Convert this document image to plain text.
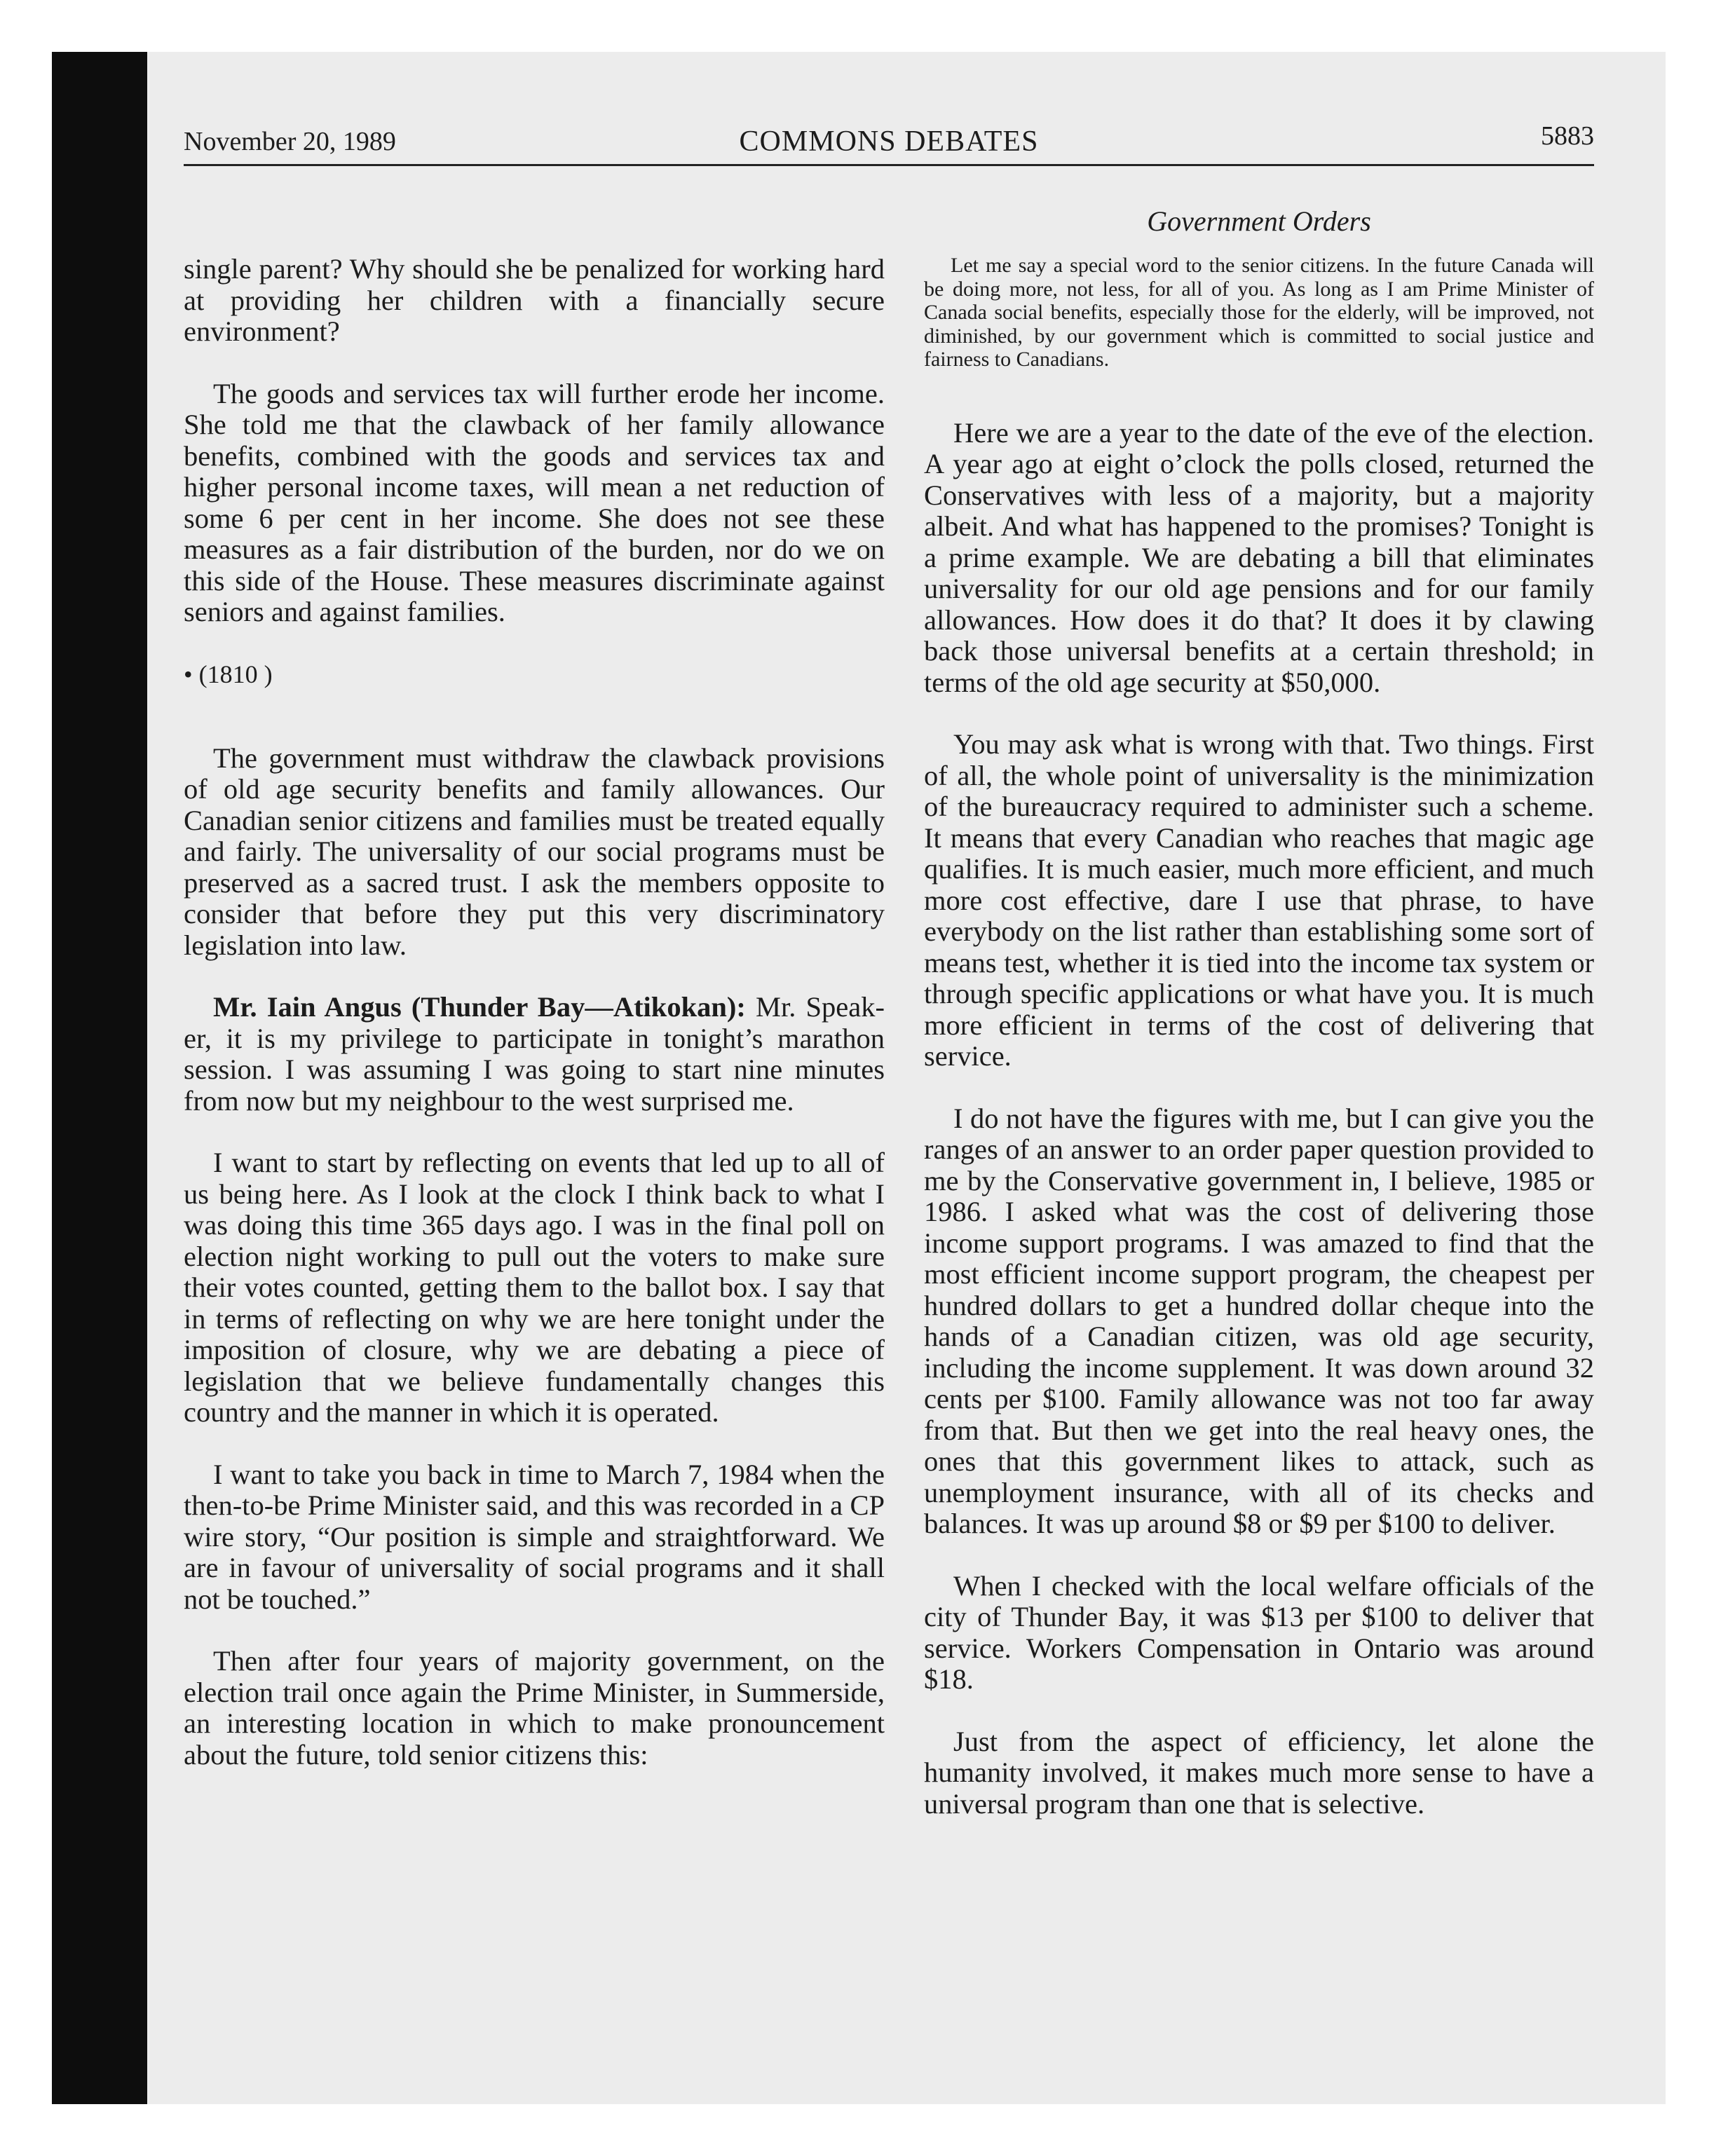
November 20, 1989	COMMONS DEBATES	5883
Government Orders

single parent? Why should she be penalized for working hard at providing her children with a financially secure environment?

The goods and services tax will further erode her income. She told me that the clawback of her family allowance benefits, combined with the goods and services tax and higher personal income taxes, will mean a net reduction of some 6 per cent in her income. She does not see these measures as a fair distribution of the burden, nor do we on this side of the House. These measures discriminate against seniors and against families.

• (1810 )

The government must withdraw the clawback provisions of old age security benefits and family allowances. Our Canadian senior citizens and families must be treated equally and fairly. The universality of our social programs must be preserved as a sacred trust. I ask the members opposite to consider that before they put this very discriminatory legislation into law.

Mr. Iain Angus (Thunder Bay—Atikokan): Mr. Speaker, it is my privilege to participate in tonight’s marathon session. I was assuming I was going to start nine minutes from now but my neighbour to the west surprised me.

I want to start by reflecting on events that led up to all of us being here. As I look at the clock I think back to what I was doing this time 365 days ago. I was in the final poll on election night working to pull out the voters to make sure their votes counted, getting them to the ballot box. I say that in terms of reflecting on why we are here tonight under the imposition of closure, why we are debating a piece of legislation that we believe fundamentally changes this country and the manner in which it is operated.

I want to take you back in time to March 7, 1984 when the then-to-be Prime Minister said, and this was recorded in a CP wire story, “Our position is simple and straightforward. We are in favour of universality of social programs and it shall not be touched.”

Then after four years of majority government, on the election trail once again the Prime Minister, in Summerside, an interesting location in which to make pronouncement about the future, told senior citizens this:

Let me say a special word to the senior citizens. In the future Canada will be doing more, not less, for all of you. As long as I am Prime Minister of Canada social benefits, especially those for the elderly, will be improved, not diminished, by our government which is committed to social justice and fairness to Canadians.

Here we are a year to the date of the eve of the election. A year ago at eight o’clock the polls closed, returned the Conservatives with less of a majority, but a majority albeit. And what has happened to the promises? Tonight is a prime example. We are debating a bill that eliminates universality for our old age pensions and for our family allowances. How does it do that? It does it by clawing back those universal benefits at a certain threshold; in terms of the old age security at $50,000.

You may ask what is wrong with that. Two things. First of all, the whole point of universality is the minimization of the bureaucracy required to administer such a scheme. It means that every Canadian who reaches that magic age qualifies. It is much easier, much more efficient, and much more cost effective, dare I use that phrase, to have everybody on the list rather than establishing some sort of means test, whether it is tied into the income tax system or through specific applications or what have you. It is much more efficient in terms of the cost of delivering that service.

I do not have the figures with me, but I can give you the ranges of an answer to an order paper question provided to me by the Conservative government in, I believe, 1985 or 1986. I asked what was the cost of delivering those income support programs. I was amazed to find that the most efficient income support program, the cheapest per hundred dollars to get a hundred dollar cheque into the hands of a Canadian citizen, was old age security, including the income supplement. It was down around 32 cents per $100. Family allowance was not too far away from that. But then we get into the real heavy ones, the ones that this government likes to attack, such as unemployment insurance, with all of its checks and balances. It was up around $8 or $9 per $100 to deliver.

When I checked with the local welfare officials of the city of Thunder Bay, it was $13 per $100 to deliver that service. Workers Compensation in Ontario was around $18.

Just from the aspect of efficiency, let alone the humanity involved, it makes much more sense to have a universal program than one that is selective.
